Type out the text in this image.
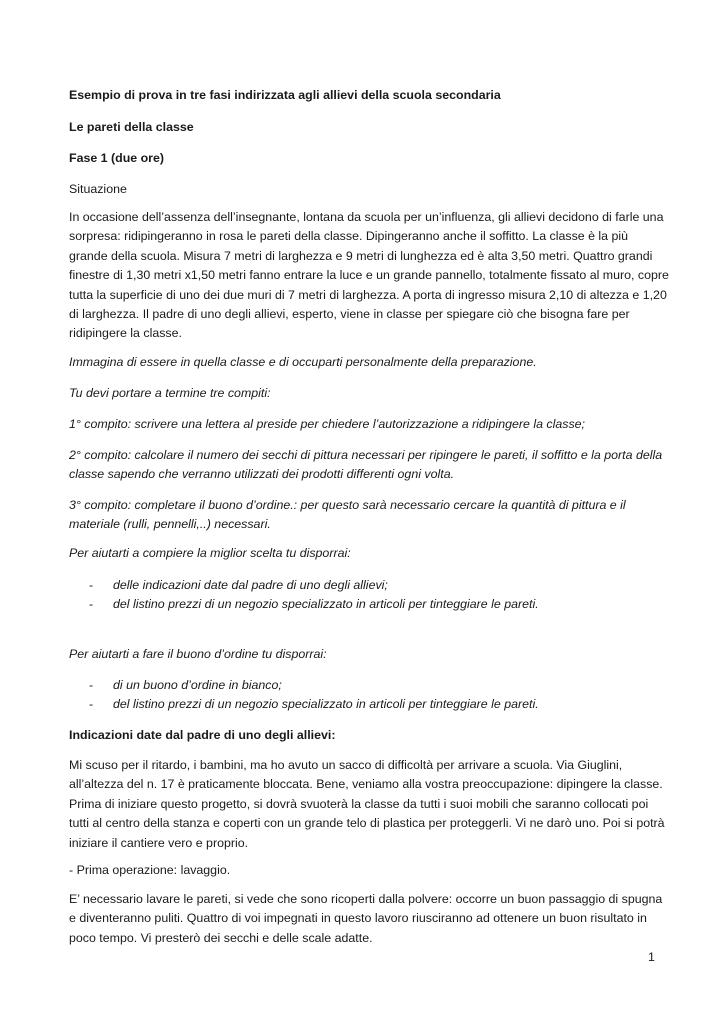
Esempio di prova in tre fasi indirizzata agli allievi della scuola secondaria

Le pareti della classe

Fase 1 (due ore)

Situazione

In occasione dell’assenza dell’insegnante, lontana da scuola per un’influenza, gli allievi decidono di farle una sorpresa: ridipingeranno in rosa le pareti della classe. Dipingeranno anche il soffitto. La classe è la più grande della scuola. Misura 7 metri di larghezza e 9 metri di lunghezza ed è alta 3,50 metri. Quattro grandi finestre di 1,30 metri x1,50 metri fanno entrare la luce e un grande pannello, totalmente fissato al muro, copre tutta la superficie di uno dei due muri di 7 metri di larghezza. A porta di ingresso misura 2,10 di altezza e 1,20 di larghezza. Il padre di uno degli allievi, esperto, viene in classe per spiegare ciò che bisogna fare per ridipingere la classe.

Immagina di essere in quella classe e di occuparti personalmente della preparazione.

Tu devi portare a termine tre compiti:

1° compito: scrivere una lettera al preside per chiedere l’autorizzazione a ridipingere la classe;

2° compito: calcolare il numero dei secchi di pittura necessari per ripingere le pareti, il soffitto e la porta della classe sapendo che verranno utilizzati dei prodotti differenti ogni volta.

3° compito: completare il buono d’ordine.: per questo sarà necessario cercare la quantità di pittura e il materiale (rulli, pennelli,..) necessari.

Per aiutarti a compiere la miglior scelta tu disporrai:

- delle indicazioni date dal padre di uno degli allievi;
- del listino prezzi di un negozio specializzato in articoli per tinteggiare le pareti.

Per aiutarti a fare il buono d’ordine tu disporrai:

- di un buono d’ordine in bianco;
- del listino prezzi di un negozio specializzato in articoli per tinteggiare le pareti.

Indicazioni date dal padre di uno degli allievi:

Mi scuso per il ritardo, i bambini, ma ho avuto un sacco di difficoltà per arrivare a scuola. Via Giuglini, all’altezza del n. 17 è praticamente bloccata. Bene, veniamo alla vostra preoccupazione: dipingere la classe. Prima di iniziare questo progetto, si dovrà svuoterà la classe da tutti i suoi mobili che saranno collocati poi tutti al centro della stanza e coperti con un grande telo di plastica per proteggerli. Vi ne darò uno. Poi si potrà iniziare il cantiere vero e proprio.

- Prima operazione: lavaggio.

E’ necessario lavare le pareti, si vede che sono ricoperti dalla polvere: occorre un buon passaggio di spugna e diventeranno puliti. Quattro di voi impegnati in questo lavoro riusciranno ad ottenere un buon risultato in poco tempo. Vi presterò dei secchi e delle scale adatte.

1
